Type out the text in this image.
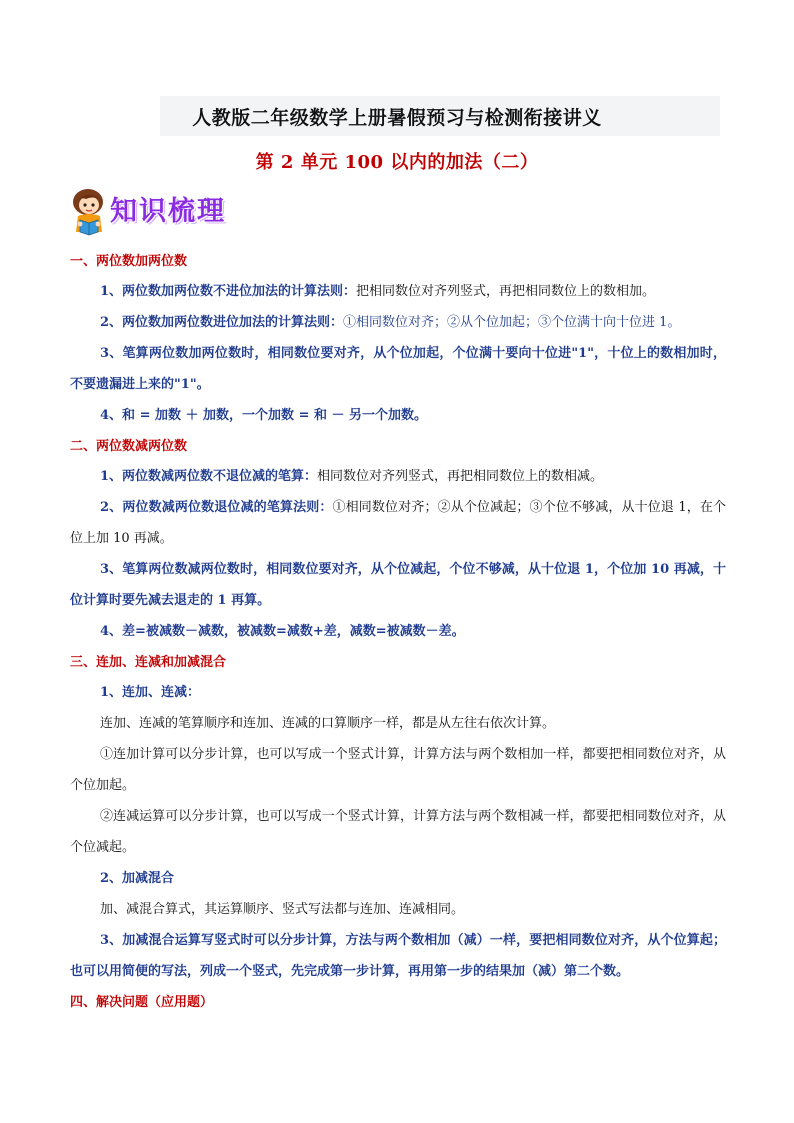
人教版二年级数学上册暑假预习与检测衔接讲义
第 2 单元 100 以内的加法（二）
知识梳理

一、两位数加两位数

1、两位数加两位数不进位加法的计算法则：把相同数位对齐列竖式，再把相同数位上的数相加。

2、两位数加两位数进位加法的计算法则：①相同数位对齐；②从个位加起；③个位满十向十位进 1。

3、笔算两位数加两位数时，相同数位要对齐，从个位加起，个位满十要向十位进"1"，十位上的数相加时，不要遗漏进上来的"1"。

4、和 = 加数 ＋ 加数，一个加数 = 和 － 另一个加数。

二、两位数减两位数

1、两位数减两位数不退位减的笔算：相同数位对齐列竖式，再把相同数位上的数相减。

2、两位数减两位数退位减的笔算法则：①相同数位对齐；②从个位减起；③个位不够减，从十位退 1，在个位上加 10 再减。

3、笔算两位数减两位数时，相同数位要对齐，从个位减起，个位不够减，从十位退 1，个位加 10 再减，十位计算时要先减去退走的 1 再算。

4、差=被减数－减数，被减数=减数+差，减数=被减数－差。

三、连加、连减和加减混合

1、连加、连减：

连加、连减的笔算顺序和连加、连减的口算顺序一样，都是从左往右依次计算。

①连加计算可以分步计算，也可以写成一个竖式计算，计算方法与两个数相加一样，都要把相同数位对齐，从个位加起。

②连减运算可以分步计算，也可以写成一个竖式计算，计算方法与两个数相减一样，都要把相同数位对齐，从个位减起。

2、加减混合

加、减混合算式，其运算顺序、竖式写法都与连加、连减相同。

3、加减混合运算写竖式时可以分步计算，方法与两个数相加（减）一样，要把相同数位对齐，从个位算起；也可以用简便的写法，列成一个竖式，先完成第一步计算，再用第一步的结果加（减）第二个数。

四、解决问题（应用题）
